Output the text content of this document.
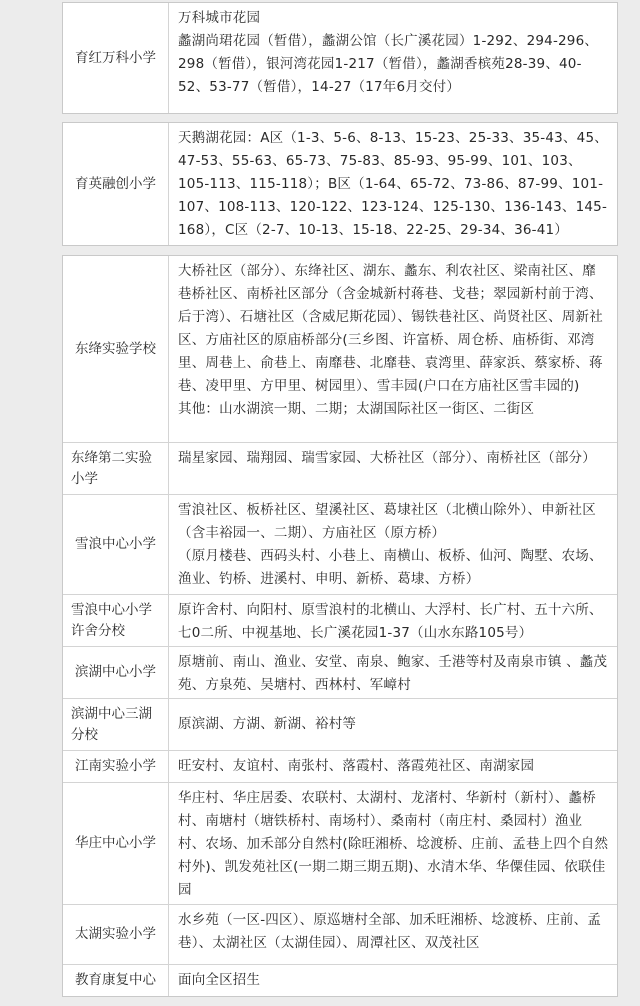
育红万科小学
万科城市花园
蠡湖尚珺花园（暂借），蠡湖公馆（长广溪花园）1-292、294-296、298（暂借），银河湾花园1-217（暂借），蠡湖香槟苑28-39、40-52、53-77（暂借），14-27（17年6月交付）
育英融创小学
天鹅湖花园：A区（1-3、5-6、8-13、15-23、25-33、35-43、45、47-53、55-63、65-73、75-83、85-93、95-99、101、103、105-113、115-118）；B区（1-64、65-72、73-86、87-99、101-107、108-113、120-122、123-124、125-130、136-143、145-168），C区（2-7、10-13、15-18、22-25、29-34、36-41）
东绛实验学校
大桥社区（部分）、东绛社区、湖东、蠡东、利农社区、梁南社区、靡巷桥社区、南桥社区部分（含金城新村蒋巷、戈巷；翠园新村前于湾、后于湾）、石塘社区（含威尼斯花园）、锡铁巷社区、尚贤社区、周新社区、方庙社区的原庙桥部分(三乡图、许富桥、周仓桥、庙桥街、邓湾里、周巷上、俞巷上、南靡巷、北靡巷、袁湾里、薛家浜、蔡家桥、蒋巷、凌甲里、方甲里、树园里）、雪丰园(户口在方庙社区雪丰园的)
其他：山水湖滨一期、二期；太湖国际社区一街区、二街区
东绛第二实验小学
瑞星家园、瑞翔园、瑞雪家园、大桥社区（部分）、南桥社区（部分）
雪浪中心小学
雪浪社区、板桥社区、望溪社区、葛埭社区（北横山除外）、申新社区（含丰裕园一、二期）、方庙社区（原方桥）
（原月楼巷、西码头村、小巷上、南横山、板桥、仙河、陶墅、农场、渔业、钓桥、进溪村、申明、新桥、葛埭、方桥）
雪浪中心小学许舍分校
原许舍村、向阳村、原雪浪村的北横山、大浮村、长广村、五十六所、七0二所、中视基地、长广溪花园1-37（山水东路105号）
滨湖中心小学
原塘前、南山、渔业、安堂、南泉、鲍家、壬港等村及南泉市镇 、蠡茂苑、方泉苑、吴塘村、西林村、军嶂村
滨湖中心三湖分校
原滨湖、方湖、新湖、裕村等
江南实验小学	旺安村、友谊村、南张村、落霞村、落霞苑社区、南湖家园
华庄中心小学
华庄村、华庄居委、农联村、太湖村、龙渚村、华新村（新村）、蠡桥村、南塘村（塘铁桥村、南场村）、桑南村（南庄村、桑园村）渔业村、农场、加禾部分自然村(除旺湘桥、埝渡桥、庄前、孟巷上四个自然村外)、凯发苑社区(一期二期三期五期)、水清木华、华僳佳园、依联佳园
太湖实验小学
水乡苑（一区-四区）、原巡塘村全部、加禾旺湘桥、埝渡桥、庄前、孟巷）、太湖社区（太湖佳园）、周潭社区、双茂社区
教育康复中心	面向全区招生
